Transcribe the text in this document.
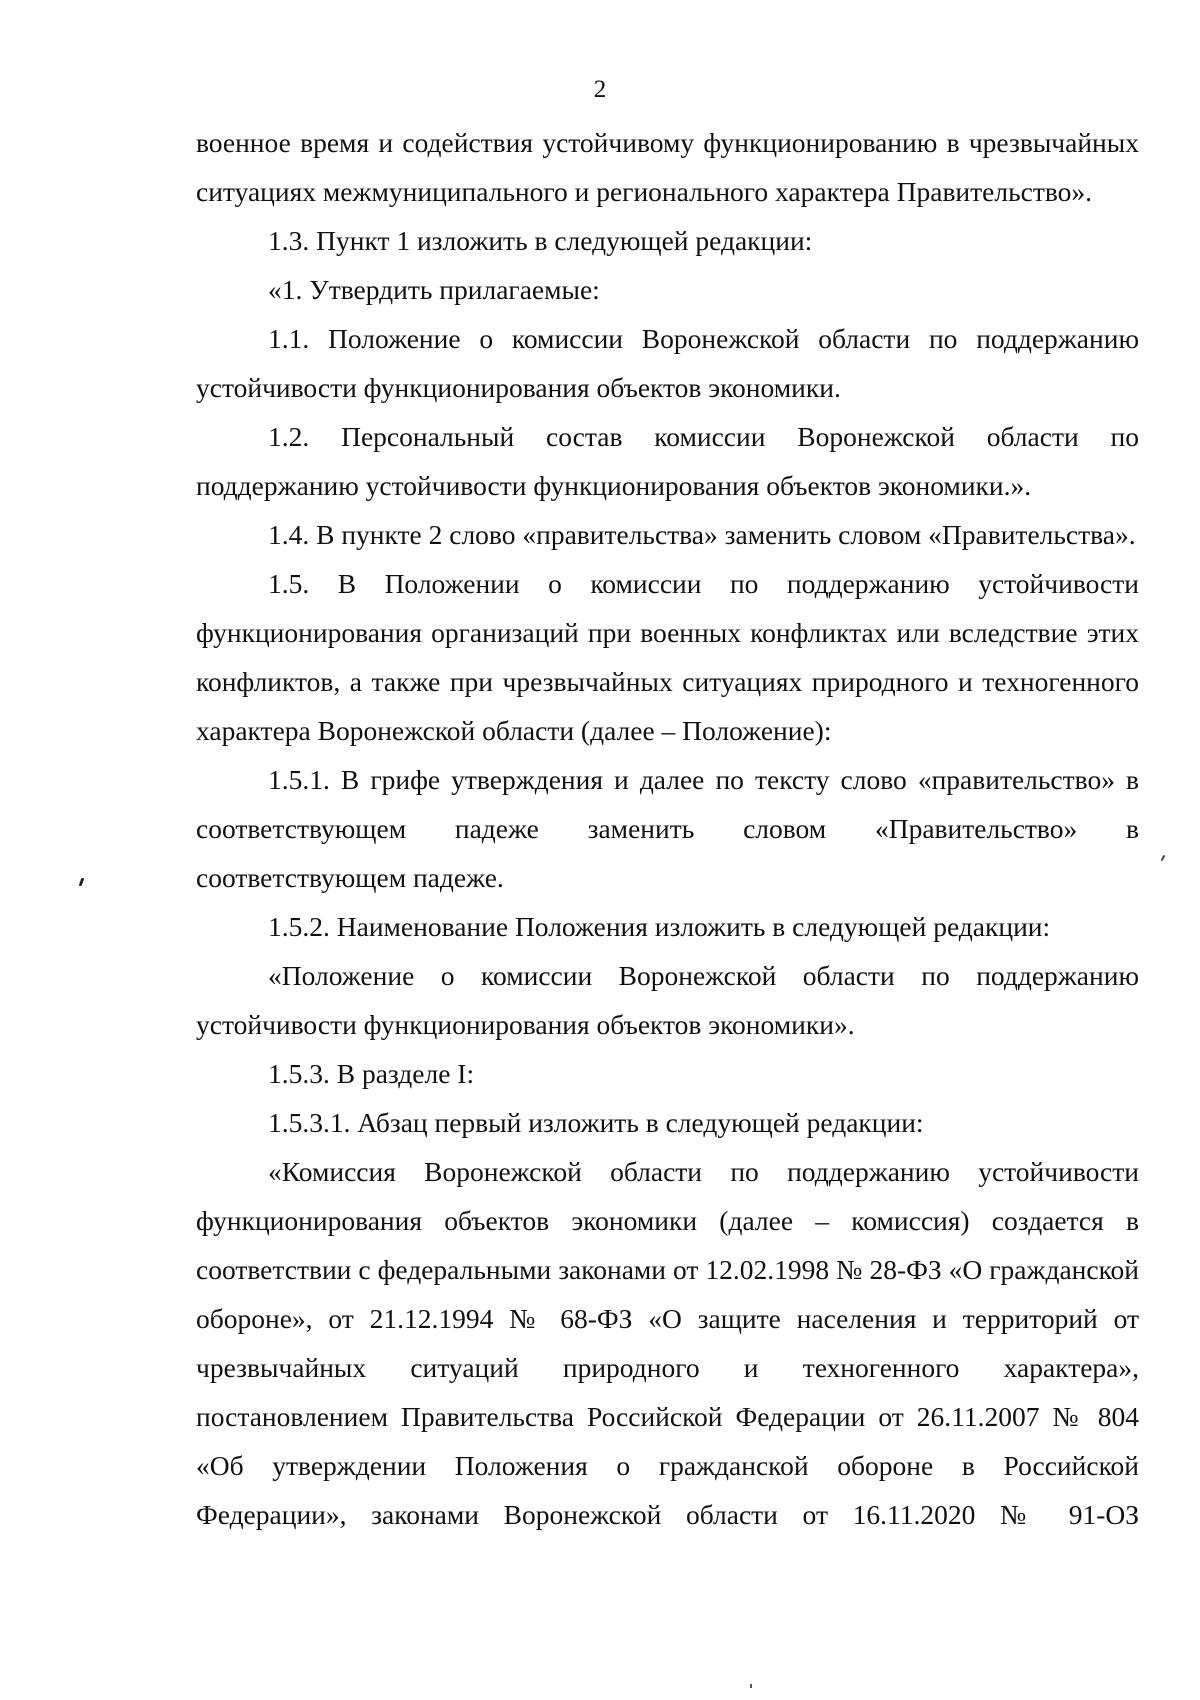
2

военное время и содействия устойчивому функционированию в чрезвычайных ситуациях межмуниципального и регионального характера Правительство».

1.3. Пункт 1 изложить в следующей редакции:

«1. Утвердить прилагаемые:

1.1. Положение о комиссии Воронежской области по поддержанию устойчивости функционирования объектов экономики.

1.2. Персональный состав комиссии Воронежской области по поддержанию устойчивости функционирования объектов экономики.».

1.4. В пункте 2 слово «правительства» заменить словом «Правительства».

1.5. В Положении о комиссии по поддержанию устойчивости функционирования организаций при военных конфликтах или вследствие этих конфликтов, а также при чрезвычайных ситуациях природного и техногенного характера Воронежской области (далее – Положение):

1.5.1. В грифе утверждения и далее по тексту слово «правительство» в соответствующем падеже заменить словом «Правительство» в соответствующем падеже.

1.5.2. Наименование Положения изложить в следующей редакции:

«Положение о комиссии Воронежской области по поддержанию устойчивости функционирования объектов экономики».

1.5.3. В разделе I:

1.5.3.1. Абзац первый изложить в следующей редакции:

«Комиссия Воронежской области по поддержанию устойчивости функционирования объектов экономики (далее – комиссия) создается в соответствии с федеральными законами от 12.02.1998 № 28-ФЗ «О гражданской обороне», от 21.12.1994 № 68-ФЗ «О защите населения и территорий от чрезвычайных ситуаций природного и техногенного характера», постановлением Правительства Российской Федерации от 26.11.2007 № 804 «Об утверждении Положения о гражданской обороне в Российской Федерации», законами Воронежской области от 16.11.2020 № 91-ОЗ
